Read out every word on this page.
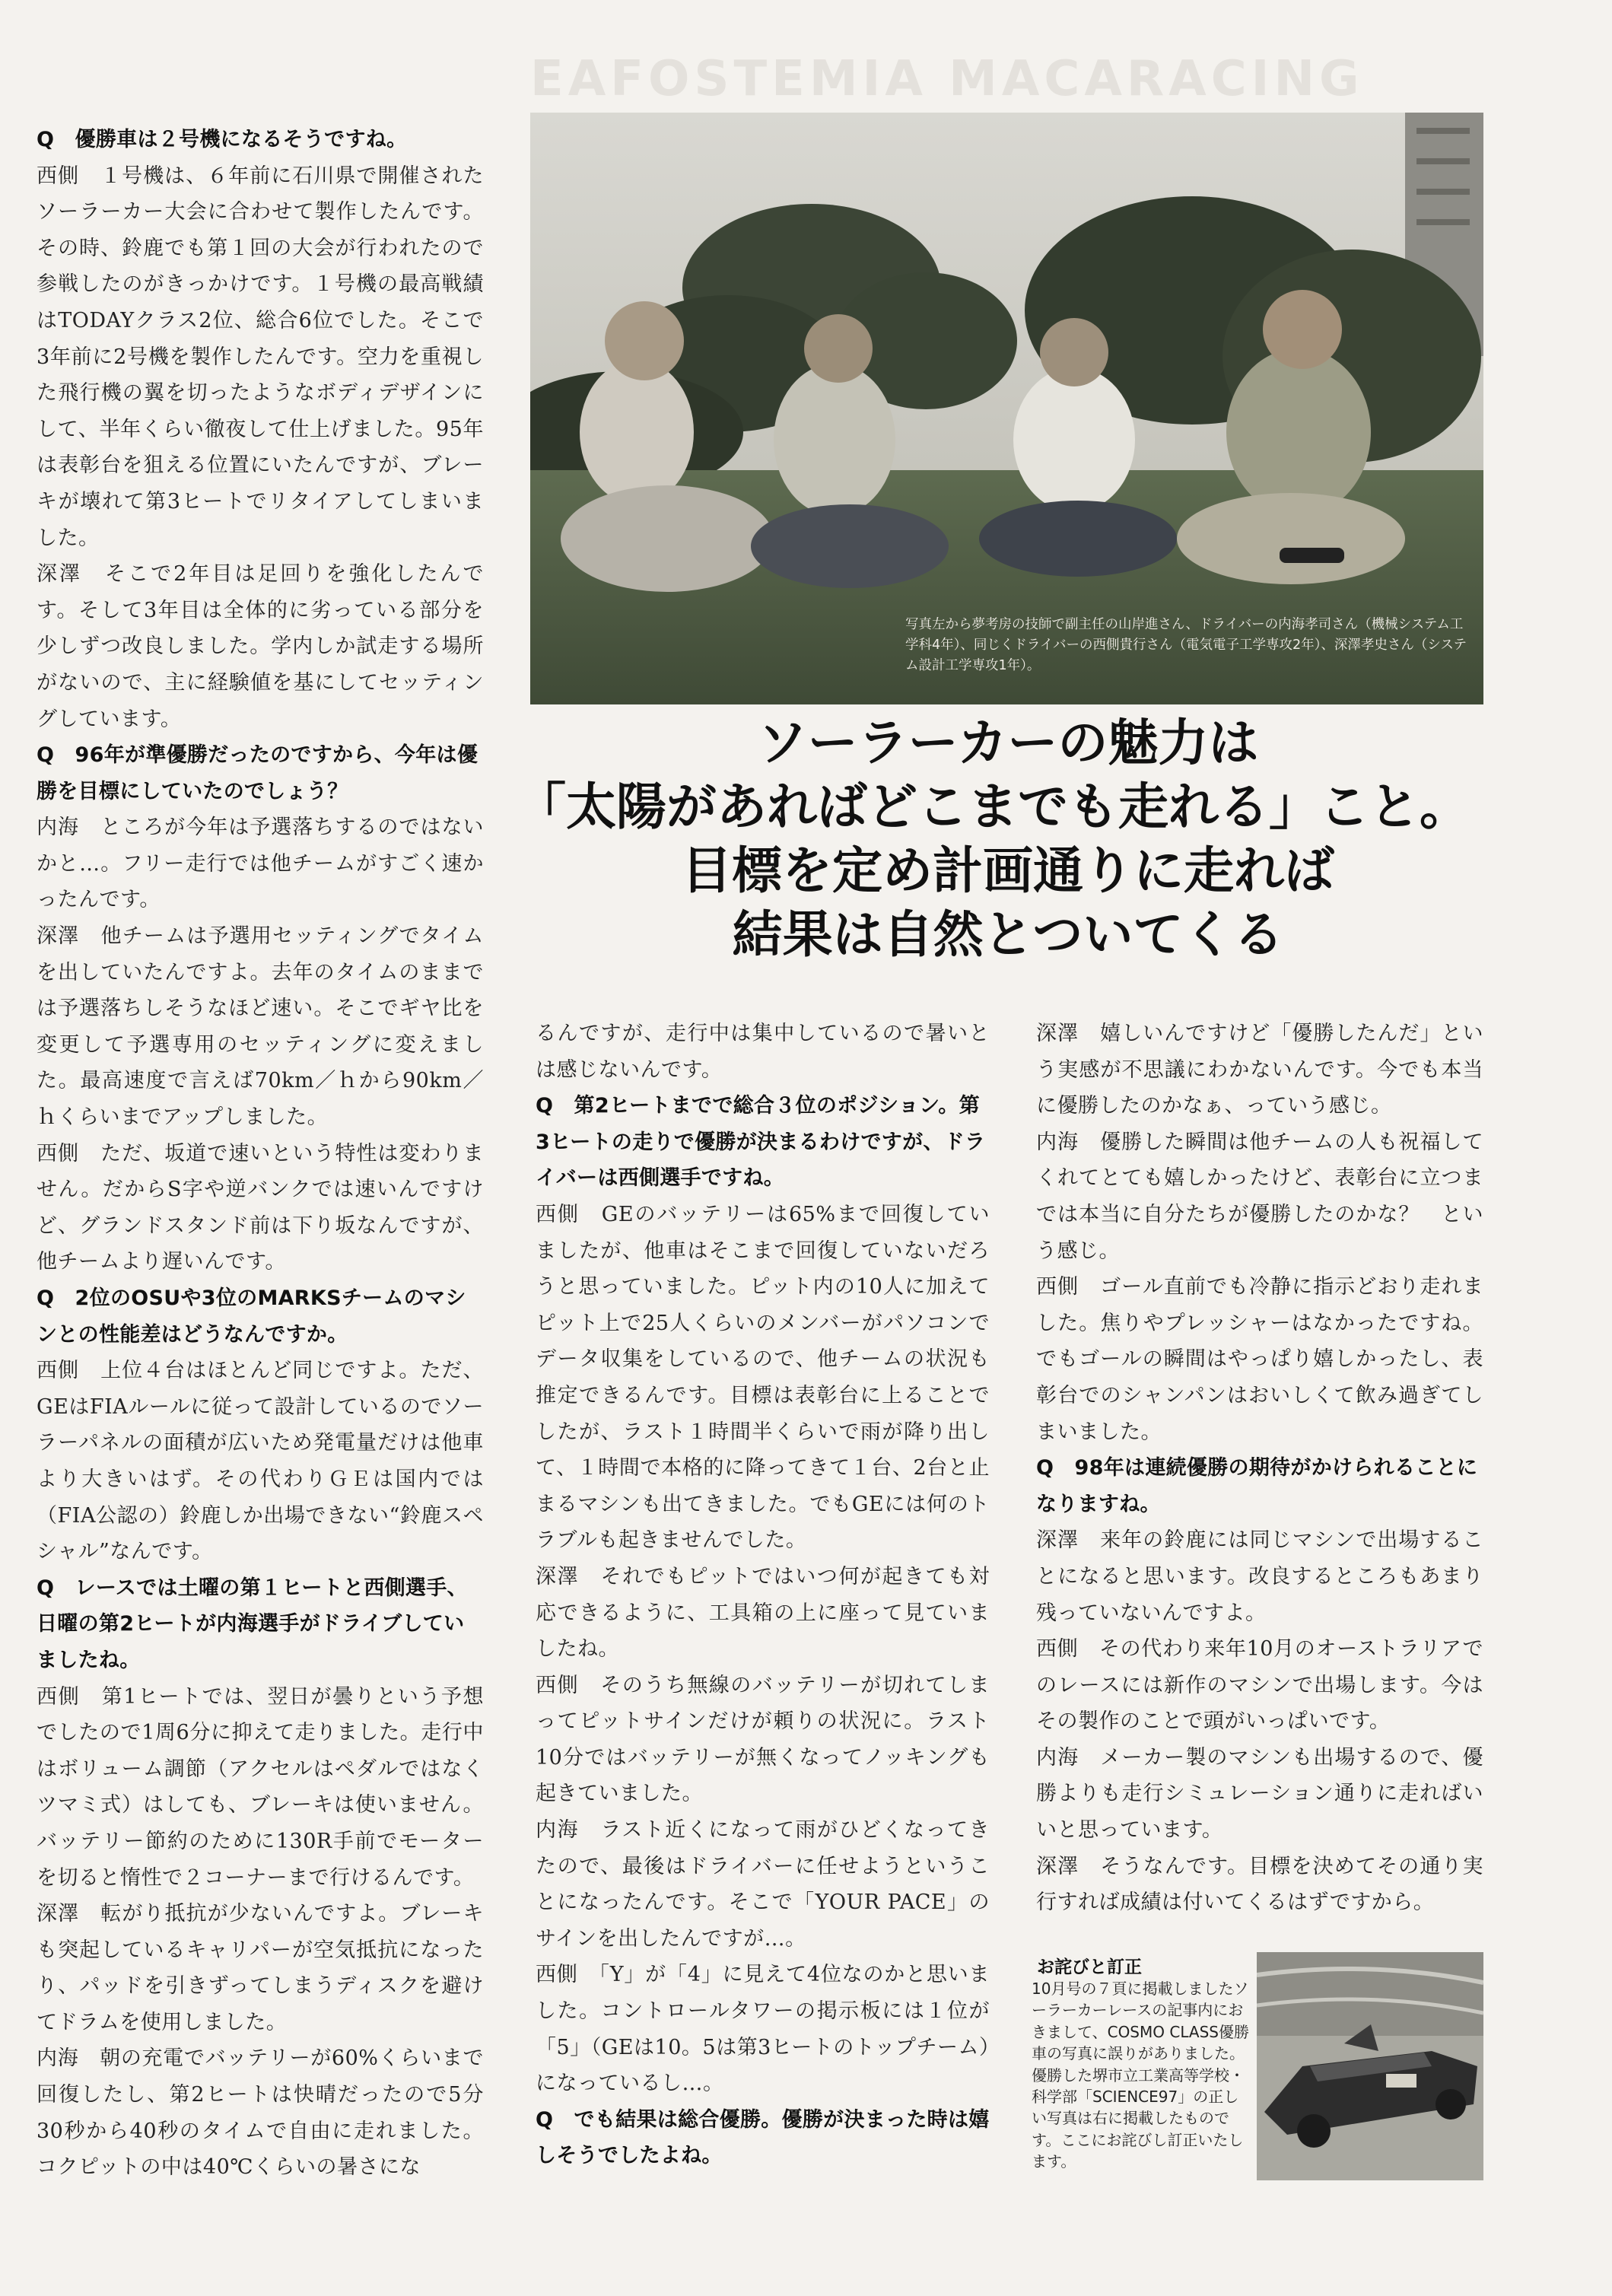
EAFOSTEMIA MACARACING

Q　優勝車は２号機になるそうですね。

西側　１号機は、６年前に石川県で開催されたソーラーカー大会に合わせて製作したんです。その時、鈴鹿でも第１回の大会が行われたので参戦したのがきっかけです。１号機の最高戦績はTODAYクラス2位、総合6位でした。そこで3年前に2号機を製作したんです。空力を重視した飛行機の翼を切ったようなボディデザインにして、半年くらい徹夜して仕上げました。95年は表彰台を狙える位置にいたんですが、ブレーキが壊れて第3ヒートでリタイアしてしまいました。

深澤　そこで2年目は足回りを強化したんです。そして3年目は全体的に劣っている部分を少しずつ改良しました。学内しか試走する場所がないので、主に経験値を基にしてセッティングしています。

Q　96年が準優勝だったのですから、今年は優勝を目標にしていたのでしょう？

内海　ところが今年は予選落ちするのではないかと…。フリー走行では他チームがすごく速かったんです。

深澤　他チームは予選用セッティングでタイムを出していたんですよ。去年のタイムのままでは予選落ちしそうなほど速い。そこでギヤ比を変更して予選専用のセッティングに変えました。最高速度で言えば70km／ｈから90km／ｈくらいまでアップしました。

西側　ただ、坂道で速いという特性は変わりません。だからS字や逆バンクでは速いんですけど、グランドスタンド前は下り坂なんですが、他チームより遅いんです。

Q　2位のOSUや3位のMARKSチームのマシンとの性能差はどうなんですか。

西側　上位４台はほとんど同じですよ。ただ、GEはFIAルールに従って設計しているのでソーラーパネルの面積が広いため発電量だけは他車より大きいはず。その代わりＧＥは国内では（FIA公認の）鈴鹿しか出場できない“鈴鹿スペシャル”なんです。

Q　レースでは土曜の第１ヒートと西側選手、日曜の第2ヒートが内海選手がドライブしていましたね。

西側　第1ヒートでは、翌日が曇りという予想でしたので1周6分に抑えて走りました。走行中はボリューム調節（アクセルはペダルではなくツマミ式）はしても、ブレーキは使いません。バッテリー節約のために130R手前でモーターを切ると惰性で２コーナーまで行けるんです。

深澤　転がり抵抗が少ないんですよ。ブレーキも突起しているキャリパーが空気抵抗になったり、パッドを引きずってしまうディスクを避けてドラムを使用しました。

内海　朝の充電でバッテリーが60%くらいまで回復したし、第2ヒートは快晴だったので5分30秒から40秒のタイムで自由に走れました。コクピットの中は40℃くらいの暑さにな

写真左から夢考房の技師で副主任の山岸進さん、ドライバーの内海孝司さん（機械システム工学科4年）、同じくドライバーの西側貴行さん（電気電子工学専攻2年）、深澤孝史さん（システム設計工学専攻1年）。
ソーラーカーの魅力は
「太陽があればどこまでも走れる」こと。
目標を定め計画通りに走れば
結果は自然とついてくる

るんですが、走行中は集中しているので暑いとは感じないんです。

Q　第2ヒートまでで総合３位のポジション。第3ヒートの走りで優勝が決まるわけですが、ドライバーは西側選手ですね。

西側　GEのバッテリーは65%まで回復していましたが、他車はそこまで回復していないだろうと思っていました。ピット内の10人に加えてピット上で25人くらいのメンバーがパソコンでデータ収集をしているので、他チームの状況も推定できるんです。目標は表彰台に上ることでしたが、ラスト１時間半くらいで雨が降り出して、１時間で本格的に降ってきて１台、2台と止まるマシンも出てきました。でもGEには何のトラブルも起きませんでした。

深澤　それでもピットではいつ何が起きても対応できるように、工具箱の上に座って見ていましたね。

西側　そのうち無線のバッテリーが切れてしまってピットサインだけが頼りの状況に。ラスト10分ではバッテリーが無くなってノッキングも起きていました。

内海　ラスト近くになって雨がひどくなってきたので、最後はドライバーに任せようということになったんです。そこで「YOUR PACE」のサインを出したんですが…。

西側　「Y」が「4」に見えて4位なのかと思いました。コントロールタワーの掲示板には１位が「5」（GEは10。5は第3ヒートのトップチーム）になっているし…。

Q　でも結果は総合優勝。優勝が決まった時は嬉しそうでしたよね。

深澤　嬉しいんですけど「優勝したんだ」という実感が不思議にわかないんです。今でも本当に優勝したのかなぁ、っていう感じ。

内海　優勝した瞬間は他チームの人も祝福してくれてとても嬉しかったけど、表彰台に立つまでは本当に自分たちが優勝したのかな？　という感じ。

西側　ゴール直前でも冷静に指示どおり走れました。焦りやプレッシャーはなかったですね。でもゴールの瞬間はやっぱり嬉しかったし、表彰台でのシャンパンはおいしくて飲み過ぎてしまいました。

Q　98年は連続優勝の期待がかけられることになりますね。

深澤　来年の鈴鹿には同じマシンで出場することになると思います。改良するところもあまり残っていないんですよ。

西側　その代わり来年10月のオーストラリアでのレースには新作のマシンで出場します。今はその製作のことで頭がいっぱいです。

内海　メーカー製のマシンも出場するので、優勝よりも走行シミュレーション通りに走ればいいと思っています。

深澤　そうなんです。目標を決めてその通り実行すれば成績は付いてくるはずですから。

お詫びと訂正
10月号の７頁に掲載しましたソーラーカーレースの記事内におきまして、COSMO CLASS優勝車の写真に誤りがありました。優勝した堺市立工業高等学校・科学部「SCIENCE97」の正しい写真は右に掲載したものです。ここにお詫びし訂正いたします。
